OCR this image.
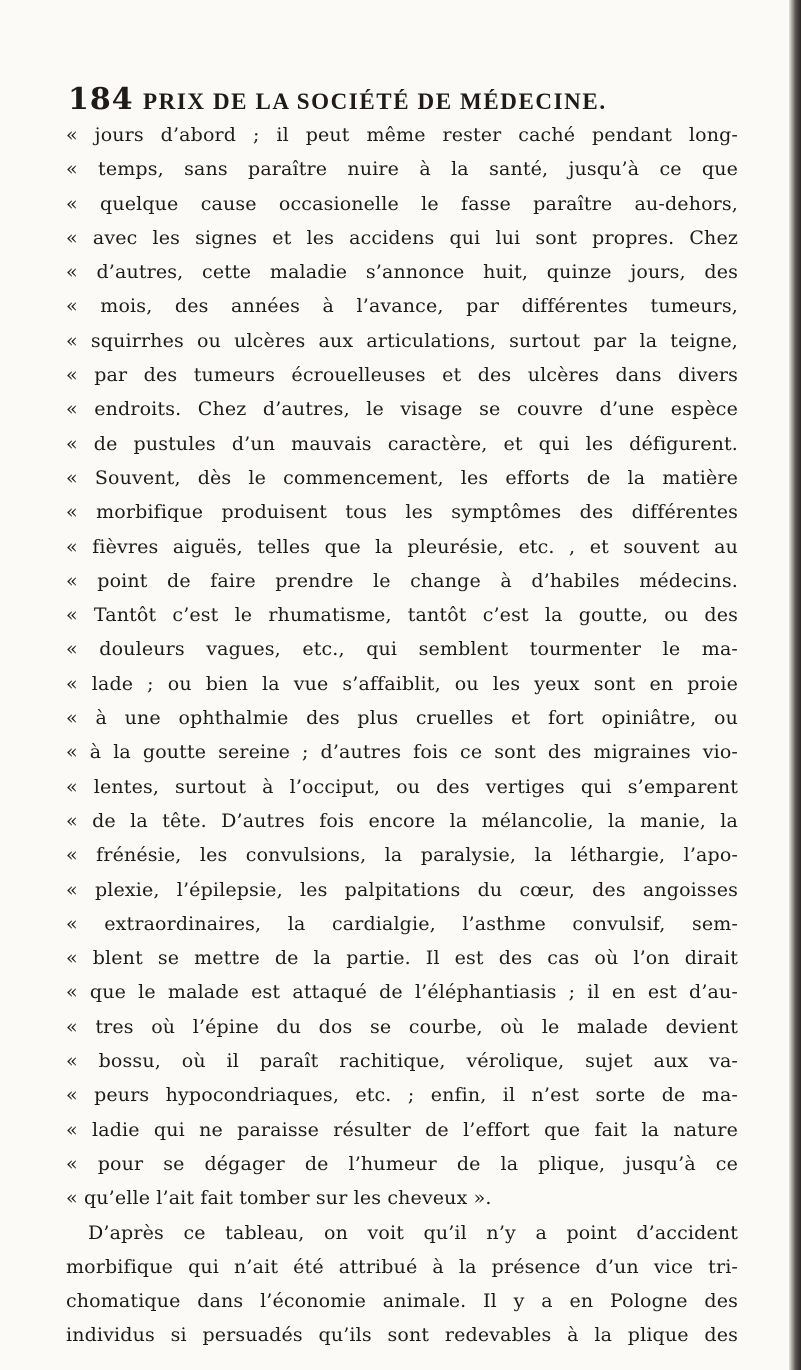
184 PRIX DE LA SOCIÉTÉ DE MÉDECINE.
« jours d’abord ; il peut même rester caché pendant long-
« temps, sans paraître nuire à la santé, jusqu’à ce que
« quelque cause occasionelle le fasse paraître au-dehors,
« avec les signes et les accidens qui lui sont propres. Chez
« d’autres, cette maladie s’annonce huit, quinze jours, des
« mois, des années à l’avance, par différentes tumeurs,
« squirrhes ou ulcères aux articulations, surtout par la teigne,
« par des tumeurs écrouelleuses et des ulcères dans divers
« endroits. Chez d’autres, le visage se couvre d’une espèce
« de pustules d’un mauvais caractère, et qui les défigurent.
« Souvent, dès le commencement, les efforts de la matière
« morbifique produisent tous les symptômes des différentes
« fièvres aiguës, telles que la pleurésie, etc. , et souvent au
« point de faire prendre le change à d’habiles médecins.
« Tantôt c’est le rhumatisme, tantôt c’est la goutte, ou des
« douleurs vagues, etc., qui semblent tourmenter le ma-
« lade ; ou bien la vue s’affaiblit, ou les yeux sont en proie
« à une ophthalmie des plus cruelles et fort opiniâtre, ou
« à la goutte sereine ; d’autres fois ce sont des migraines vio-
« lentes, surtout à l’occiput, ou des vertiges qui s’emparent
« de la tête. D’autres fois encore la mélancolie, la manie, la
« frénésie, les convulsions, la paralysie, la léthargie, l’apo-
« plexie, l’épilepsie, les palpitations du cœur, des angoisses
« extraordinaires, la cardialgie, l’asthme convulsif, sem-
« blent se mettre de la partie. Il est des cas où l’on dirait
« que le malade est attaqué de l’éléphantiasis ; il en est d’au-
« tres où l’épine du dos se courbe, où le malade devient
« bossu, où il paraît rachitique, vérolique, sujet aux va-
« peurs hypocondriaques, etc. ; enfin, il n’est sorte de ma-
« ladie qui ne paraisse résulter de l’effort que fait la nature
« pour se dégager de l’humeur de la plique, jusqu’à ce
« qu’elle l’ait fait tomber sur les cheveux ».
D’après ce tableau, on voit qu’il n’y a point d’accident
morbifique qui n’ait été attribué à la présence d’un vice tri-
chomatique dans l’économie animale. Il y a en Pologne des
individus si persuadés qu’ils sont redevables à la plique des
